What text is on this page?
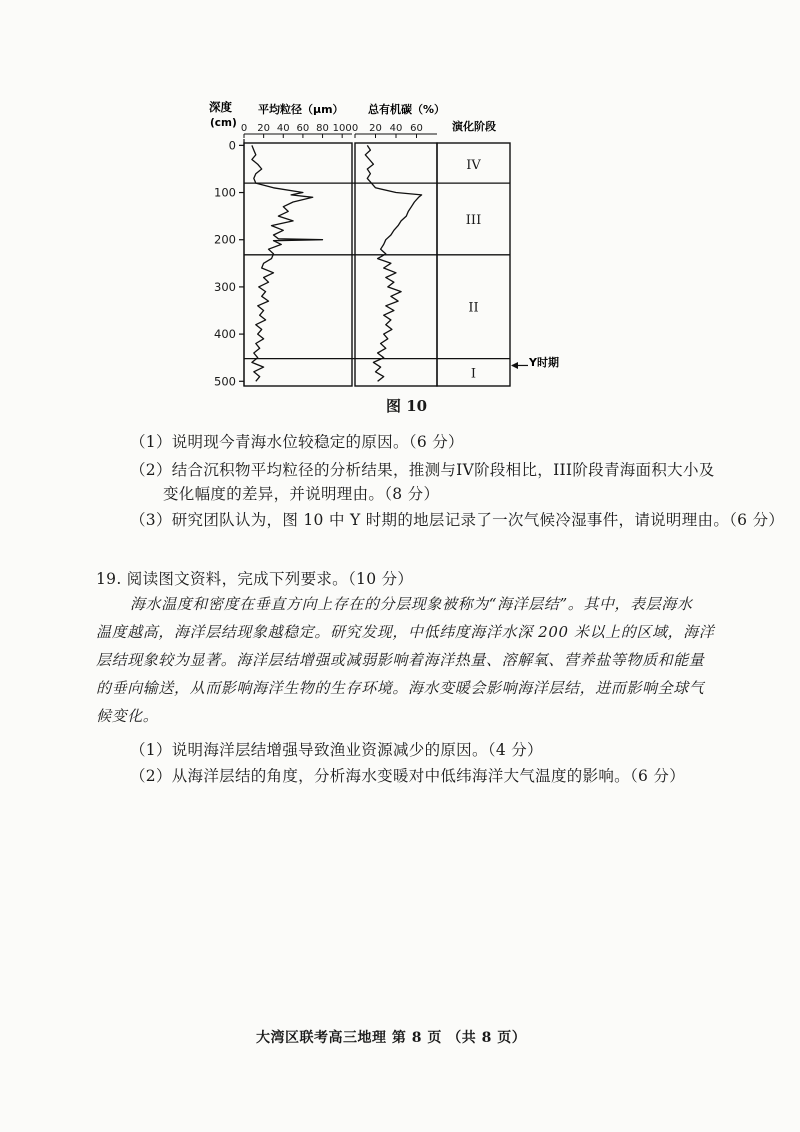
0
100
200
300
400
500
0 20 40 60 80 100 0 20 40 60
IV
III
II
I
深度
(cm)
平均粒径（μm） 总有机碳（%）
演化阶段
Y时期
图 10
（1）说明现今青海水位较稳定的原因。（6 分）
（2）结合沉积物平均粒径的分析结果，推测与IV阶段相比，III阶段青海面积大小及
变化幅度的差异，并说明理由。（8 分）
（3）研究团队认为，图 10 中 Y 时期的地层记录了一次气候冷湿事件，请说明理由。（6 分）
19. 阅读图文资料，完成下列要求。（10 分）
海水温度和密度在垂直方向上存在的分层现象被称为“海洋层结”。其中，表层海水
温度越高，海洋层结现象越稳定。研究发现，中低纬度海洋水深 200 米以上的区域，海洋
层结现象较为显著。海洋层结增强或减弱影响着海洋热量、溶解氧、营养盐等物质和能量
的垂向输送，从而影响海洋生物的生存环境。海水变暖会影响海洋层结，进而影响全球气
候变化。
（1）说明海洋层结增强导致渔业资源减少的原因。（4 分）
（2）从海洋层结的角度，分析海水变暖对中低纬海洋大气温度的影响。（6 分）
大湾区联考高三地理 第 8 页 （共 8 页）
